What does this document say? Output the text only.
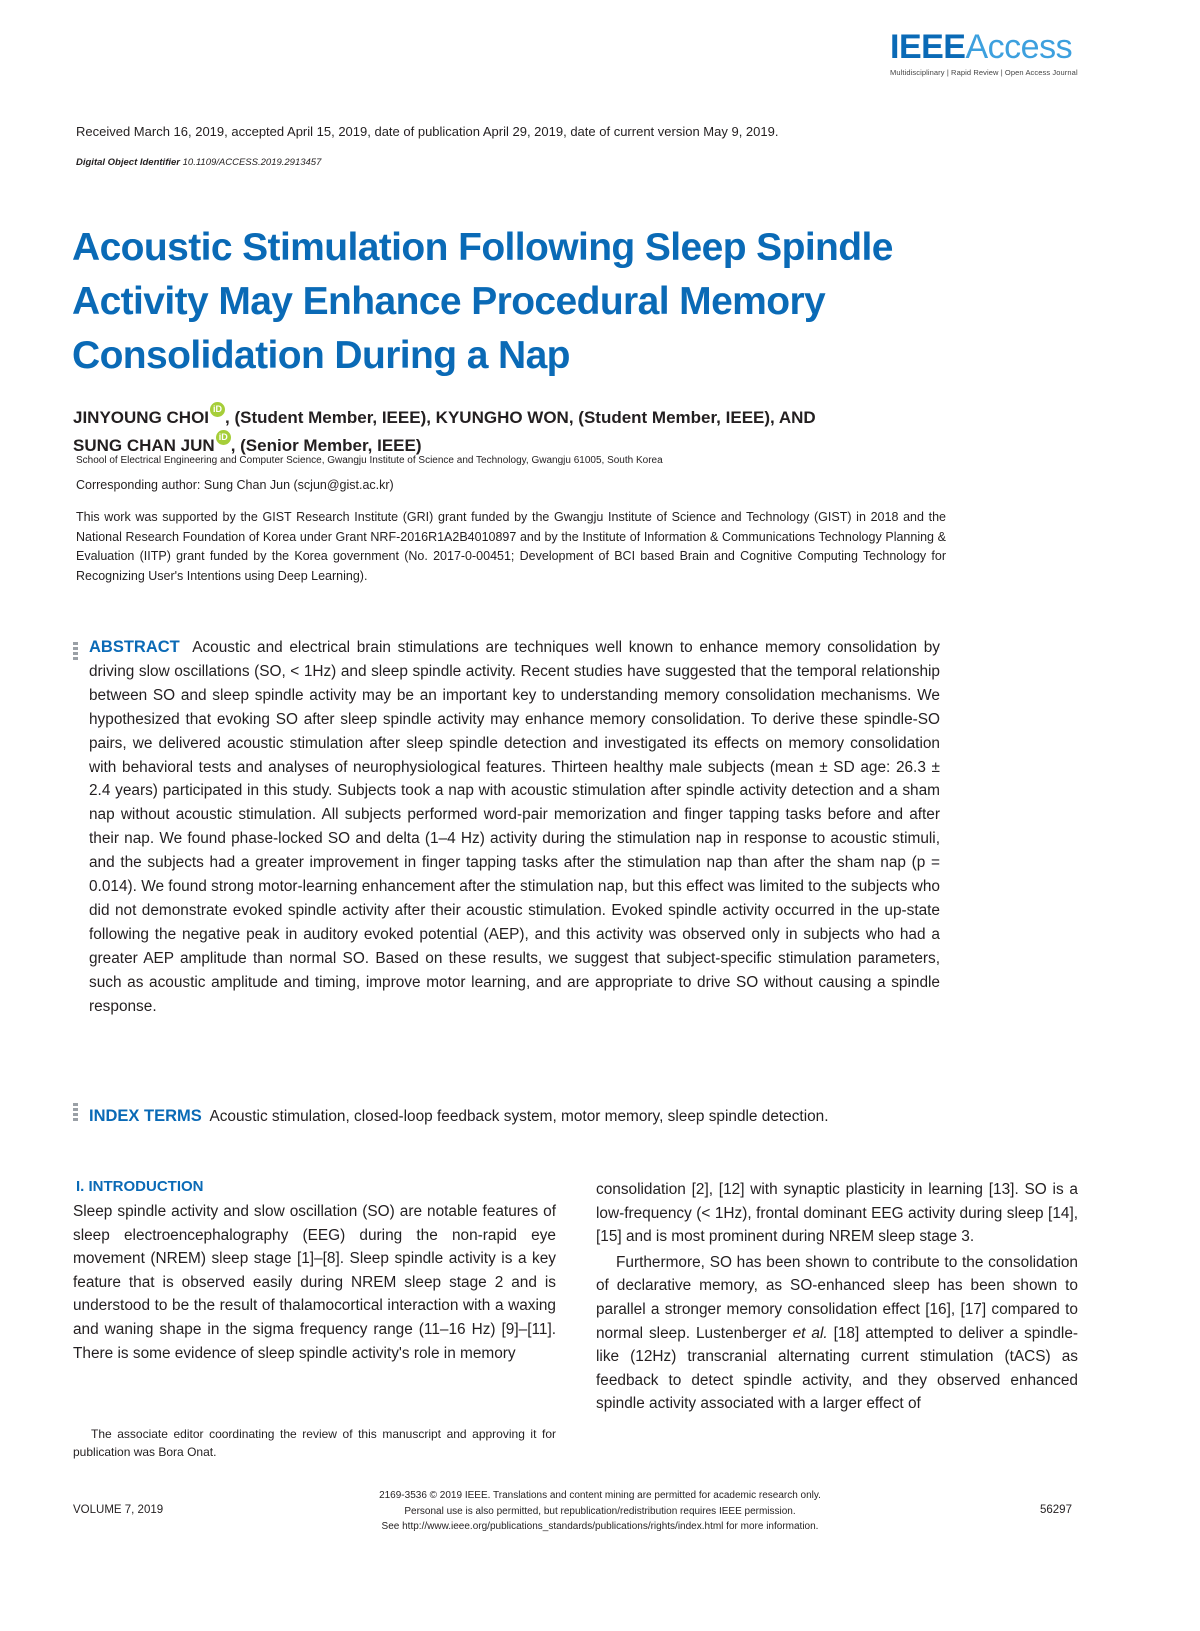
IEEEAccess
Multidisciplinary | Rapid Review | Open Access Journal
Received March 16, 2019, accepted April 15, 2019, date of publication April 29, 2019, date of current version May 9, 2019.
Digital Object Identifier 10.1109/ACCESS.2019.2913457
Acoustic Stimulation Following Sleep Spindle Activity May Enhance Procedural Memory Consolidation During a Nap
JINYOUNG CHOI iD , (Student Member, IEEE), KYUNGHO WON, (Student Member, IEEE), AND
SUNG CHAN JUN iD , (Senior Member, IEEE)
School of Electrical Engineering and Computer Science, Gwangju Institute of Science and Technology, Gwangju 61005, South Korea
Corresponding author: Sung Chan Jun (scjun@gist.ac.kr)
This work was supported by the GIST Research Institute (GRI) grant funded by the Gwangju Institute of Science and Technology (GIST) in 2018 and the National Research Foundation of Korea under Grant NRF-2016R1A2B4010897 and by the Institute of Information & Communications Technology Planning & Evaluation (IITP) grant funded by the Korea government (No. 2017-0-00451; Development of BCI based Brain and Cognitive Computing Technology for Recognizing User's Intentions using Deep Learning).
ABSTRACT Acoustic and electrical brain stimulations are techniques well known to enhance memory consolidation by driving slow oscillations (SO, < 1Hz) and sleep spindle activity. Recent studies have suggested that the temporal relationship between SO and sleep spindle activity may be an important key to understanding memory consolidation mechanisms. We hypothesized that evoking SO after sleep spindle activity may enhance memory consolidation. To derive these spindle-SO pairs, we delivered acoustic stimulation after sleep spindle detection and investigated its effects on memory consolidation with behavioral tests and analyses of neurophysiological features. Thirteen healthy male subjects (mean ± SD age: 26.3 ± 2.4 years) participated in this study. Subjects took a nap with acoustic stimulation after spindle activity detection and a sham nap without acoustic stimulation. All subjects performed word-pair memorization and finger tapping tasks before and after their nap. We found phase-locked SO and delta (1–4 Hz) activity during the stimulation nap in response to acoustic stimuli, and the subjects had a greater improvement in finger tapping tasks after the stimulation nap than after the sham nap (p = 0.014). We found strong motor-learning enhancement after the stimulation nap, but this effect was limited to the subjects who did not demonstrate evoked spindle activity after their acoustic stimulation. Evoked spindle activity occurred in the up-state following the negative peak in auditory evoked potential (AEP), and this activity was observed only in subjects who had a greater AEP amplitude than normal SO. Based on these results, we suggest that subject-specific stimulation parameters, such as acoustic amplitude and timing, improve motor learning, and are appropriate to drive SO without causing a spindle response.
INDEX TERMS Acoustic stimulation, closed-loop feedback system, motor memory, sleep spindle detection.
I. INTRODUCTION

Sleep spindle activity and slow oscillation (SO) are notable features of sleep electroencephalography (EEG) during the non-rapid eye movement (NREM) sleep stage [1]–[8]. Sleep spindle activity is a key feature that is observed easily during NREM sleep stage 2 and is understood to be the result of thalamocortical interaction with a waxing and waning shape in the sigma frequency range (11–16 Hz) [9]–[11]. There is some evidence of sleep spindle activity's role in memory

consolidation [2], [12] with synaptic plasticity in learning [13]. SO is a low-frequency (< 1Hz), frontal dominant EEG activity during sleep [14], [15] and is most prominent during NREM sleep stage 3.

Furthermore, SO has been shown to contribute to the consolidation of declarative memory, as SO-enhanced sleep has been shown to parallel a stronger memory consolidation effect [16], [17] compared to normal sleep. Lustenberger et al. [18] attempted to deliver a spindle-like (12Hz) transcranial alternating current stimulation (tACS) as feedback to detect spindle activity, and they observed enhanced spindle activity associated with a larger effect of

The associate editor coordinating the review of this manuscript and approving it for publication was Bora Onat.
VOLUME 7, 2019
2169-3536 © 2019 IEEE. Translations and content mining are permitted for academic research only.
Personal use is also permitted, but republication/redistribution requires IEEE permission.
See http://www.ieee.org/publications_standards/publications/rights/index.html for more information.
56297
